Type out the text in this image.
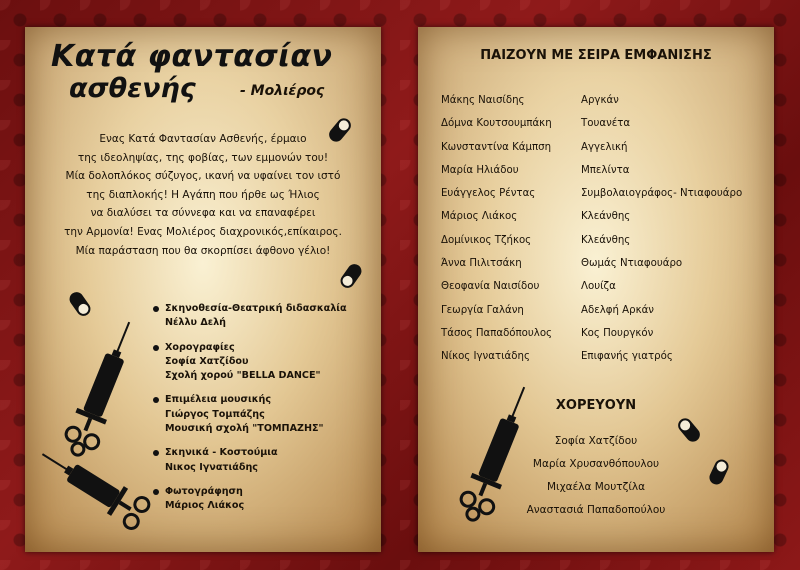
Κατά φαντασίαν
ασθενής	- Μολιέρος
Ενας Κατά Φαντασίαν Ασθενής, έρμαιο
της ιδεοληψίας, της φοβίας, των εμμονών του!
Μία δολοπλόκος σύζυγος, ικανή να υφαίνει τον ιστό
της διαπλοκής! Η Αγάπη που ήρθε ως Ήλιος
να διαλύσει τα σύννεφα και να επαναφέρει
την Αρμονία! Ενας Μολιέρος διαχρονικός,επίκαιρος.
Μία παράσταση που θα σκορπίσει άφθονο γέλιο!
Σκηνοθεσία-Θεατρική διδασκαλία
Νέλλυ Δελή
Χορογραφίες
Σοφία Χατζίδου
Σχολή χορού "BELLA DANCE"
Επιμέλεια μουσικής
Γιώργος Τομπάζης
Μουσική σχολή "ΤΟΜΠΑΖΗΣ"
Σκηνικά - Κοστούμια
Νικος Ιγνατιάδης
Φωτογράφηση
Μάριος Λιάκος
ΠΑΙΖΟΥΝ ΜΕ ΣΕΙΡΑ ΕΜΦΑΝΙΣΗΣ
Μάκης Ναισίδης
Δόμνα Κουτσουμπάκη
Κωνσταντίνα Κάμπση
Μαρία Ηλιάδου
Ευάγγελος Ρέντας
Μάριος Λιάκος
Δομίνικος Τζήκος
Άννα Πιλιτσάκη
Θεοφανία Ναισίδου
Γεωργία Γαλάνη
Τάσος Παπαδόπουλος
Νίκος Ιγνατιάδης
Αργκάν
Τουανέτα
Αγγελική
Μπελίντα
Συμβολαιογράφος- Ντιαφουάρο
Κλεάνθης
Κλεάνθης
Θωμάς Ντιαφουάρο
Λουίζα
Αδελφή Αρκάν
Κος Πουργκόν
Επιφανής γιατρός
ΧΟΡΕΥΟΥΝ
Σοφία Χατζίδου
Μαρία Χρυσανθόπουλου
Μιχαέλα Μουτζίλα
Αναστασιά Παπαδοπούλου
